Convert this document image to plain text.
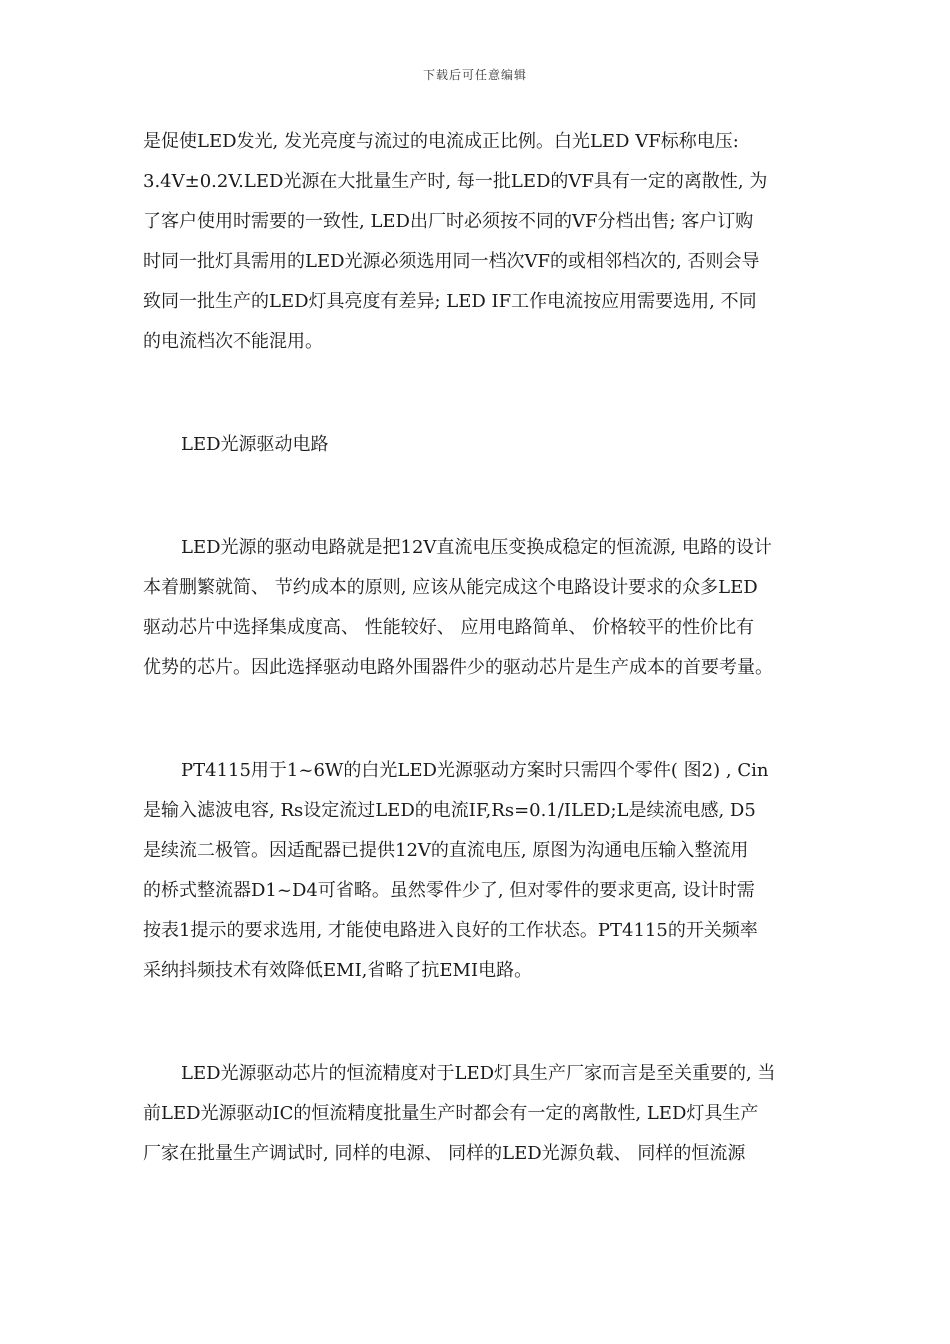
下载后可任意编辑

是促使LED发光, 发光亮度与流过的电流成正比例。白光LED VF标称电压:
3.4V±0.2V.LED光源在大批量生产时, 每一批LED的VF具有一定的离散性, 为
了客户使用时需要的一致性, LED出厂时必须按不同的VF分档出售; 客户订购
时同一批灯具需用的LED光源必须选用同一档次VF的或相邻档次的, 否则会导
致同一批生产的LED灯具亮度有差异; LED IF工作电流按应用需要选用, 不同
的电流档次不能混用。

LED光源驱动电路

LED光源的驱动电路就是把12V直流电压变换成稳定的恒流源, 电路的设计
本着删繁就简、 节约成本的原则, 应该从能完成这个电路设计要求的众多LED
驱动芯片中选择集成度高、 性能较好、 应用电路简单、 价格较平的性价比有
优势的芯片。因此选择驱动电路外围器件少的驱动芯片是生产成本的首要考量。

PT4115用于1~6W的白光LED光源驱动方案时只需四个零件( 图2) , Cin
是输入滤波电容, Rs设定流过LED的电流IF,Rs=0.1/ILED;L是续流电感, D5
是续流二极管。因适配器已提供12V的直流电压, 原图为沟通电压输入整流用
的桥式整流器D1~D4可省略。虽然零件少了, 但对零件的要求更高, 设计时需
按表1提示的要求选用, 才能使电路进入良好的工作状态。PT4115的开关频率
采纳抖频技术有效降低EMI,省略了抗EMI电路。

LED光源驱动芯片的恒流精度对于LED灯具生产厂家而言是至关重要的, 当
前LED光源驱动IC的恒流精度批量生产时都会有一定的离散性, LED灯具生产
厂家在批量生产调试时, 同样的电源、 同样的LED光源负载、 同样的恒流源
